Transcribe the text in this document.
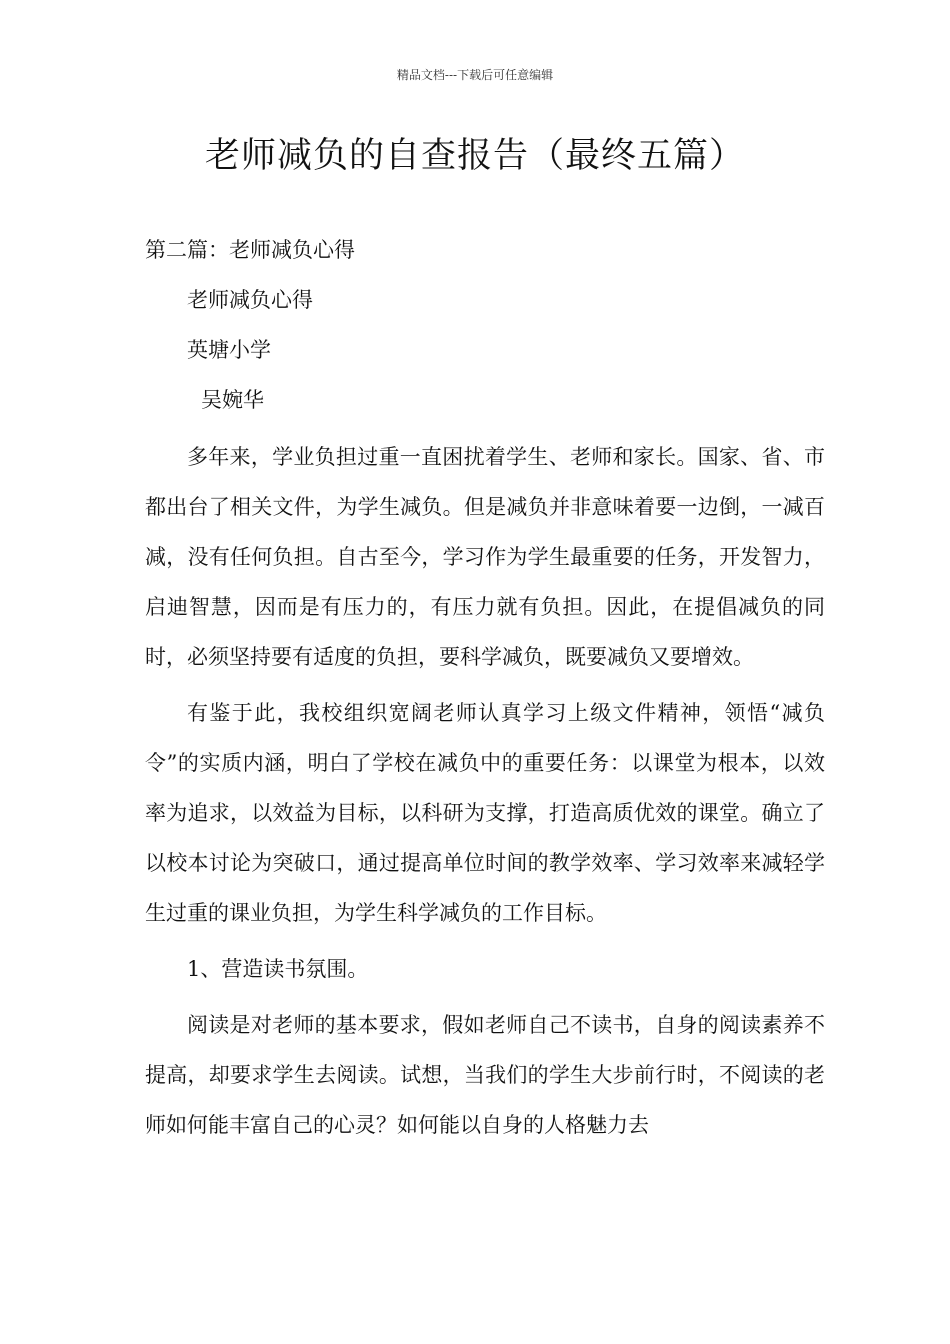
精品文档---下载后可任意编辑
老师减负的自查报告（最终五篇）
第二篇：老师减负心得
老师减负心得
英塘小学
吴婉华

多年来，学业负担过重一直困扰着学生、老师和家长。国家、省、市都出台了相关文件，为学生减负。但是减负并非意味着要一边倒，一减百减，没有任何负担。自古至今，学习作为学生最重要的任务，开发智力，启迪智慧，因而是有压力的，有压力就有负担。因此，在提倡减负的同时，必须坚持要有适度的负担，要科学减负，既要减负又要增效。

有鉴于此，我校组织宽阔老师认真学习上级文件精神，领悟“减负令”的实质内涵，明白了学校在减负中的重要任务：以课堂为根本，以效率为追求，以效益为目标，以科研为支撑，打造高质优效的课堂。确立了以校本讨论为突破口，通过提高单位时间的教学效率、学习效率来减轻学生过重的课业负担，为学生科学减负的工作目标。

1、营造读书氛围。

阅读是对老师的基本要求，假如老师自己不读书，自身的阅读素养不提高，却要求学生去阅读。试想，当我们的学生大步前行时，不阅读的老师如何能丰富自己的心灵？如何能以自身的人格魅力去
